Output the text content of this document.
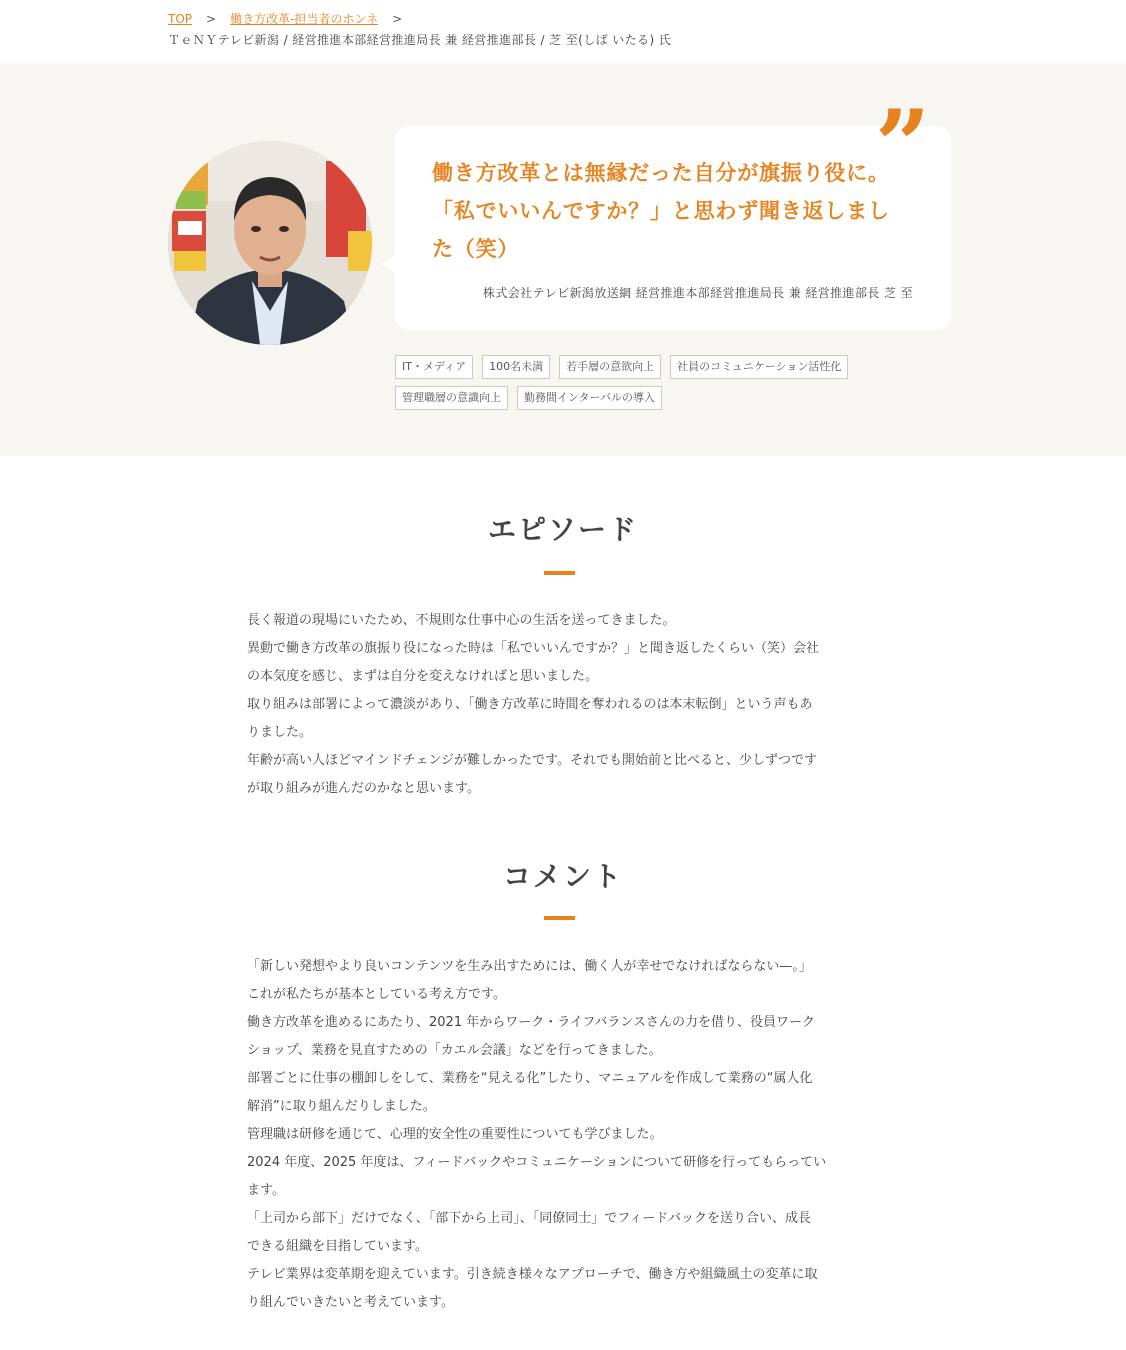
TOP > 働き方改革-担当者のホンネ >
ＴｅＮＹテレビ新潟 / 経営推進本部経営推進局長 兼 経営推進部長 / 芝 至(しば いたる) 氏
”
働き方改革とは無縁だった自分が旗振り役に。
「私でいいんですか？」と思わず聞き返しまし
た（笑）
株式会社テレビ新潟放送網 経営推進本部経営推進局長 兼 経営推進部長 芝 至
IT・メディア	100名未満	若手層の意欲向上	社員のコミュニケーション活性化
管理職層の意識向上	勤務間インターバルの導入
エピソード

長く報道の現場にいたため、不規則な仕事中心の生活を送ってきました。

異動で働き方改革の旗振り役になった時は「私でいいんですか？」と聞き返したくらい（笑）会社

の本気度を感じ、まずは自分を変えなければと思いました。

取り組みは部署によって濃淡があり、「働き方改革に時間を奪われるのは本末転倒」という声もあ

りました。

年齢が高い人ほどマインドチェンジが難しかったです。それでも開始前と比べると、少しずつです

が取り組みが進んだのかなと思います。

コメント

「新しい発想やより良いコンテンツを生み出すためには、働く人が幸せでなければならない—。」

これが私たちが基本としている考え方です。

働き方改革を進めるにあたり、2021 年からワーク・ライフバランスさんの力を借り、役員ワーク

ショップ、業務を見直すための「カエル会議」などを行ってきました。

部署ごとに仕事の棚卸しをして、業務を“見える化”したり、マニュアルを作成して業務の“属人化

解消”に取り組んだりしました。

管理職は研修を通じて、心理的安全性の重要性についても学びました。

2024 年度、2025 年度は、フィードバックやコミュニケーションについて研修を行ってもらってい

ます。

「上司から部下」だけでなく、「部下から上司」、「同僚同士」でフィードバックを送り合い、成長

できる組織を目指しています。

テレビ業界は変革期を迎えています。引き続き様々なアプローチで、働き方や組織風土の変革に取

り組んでいきたいと考えています。
